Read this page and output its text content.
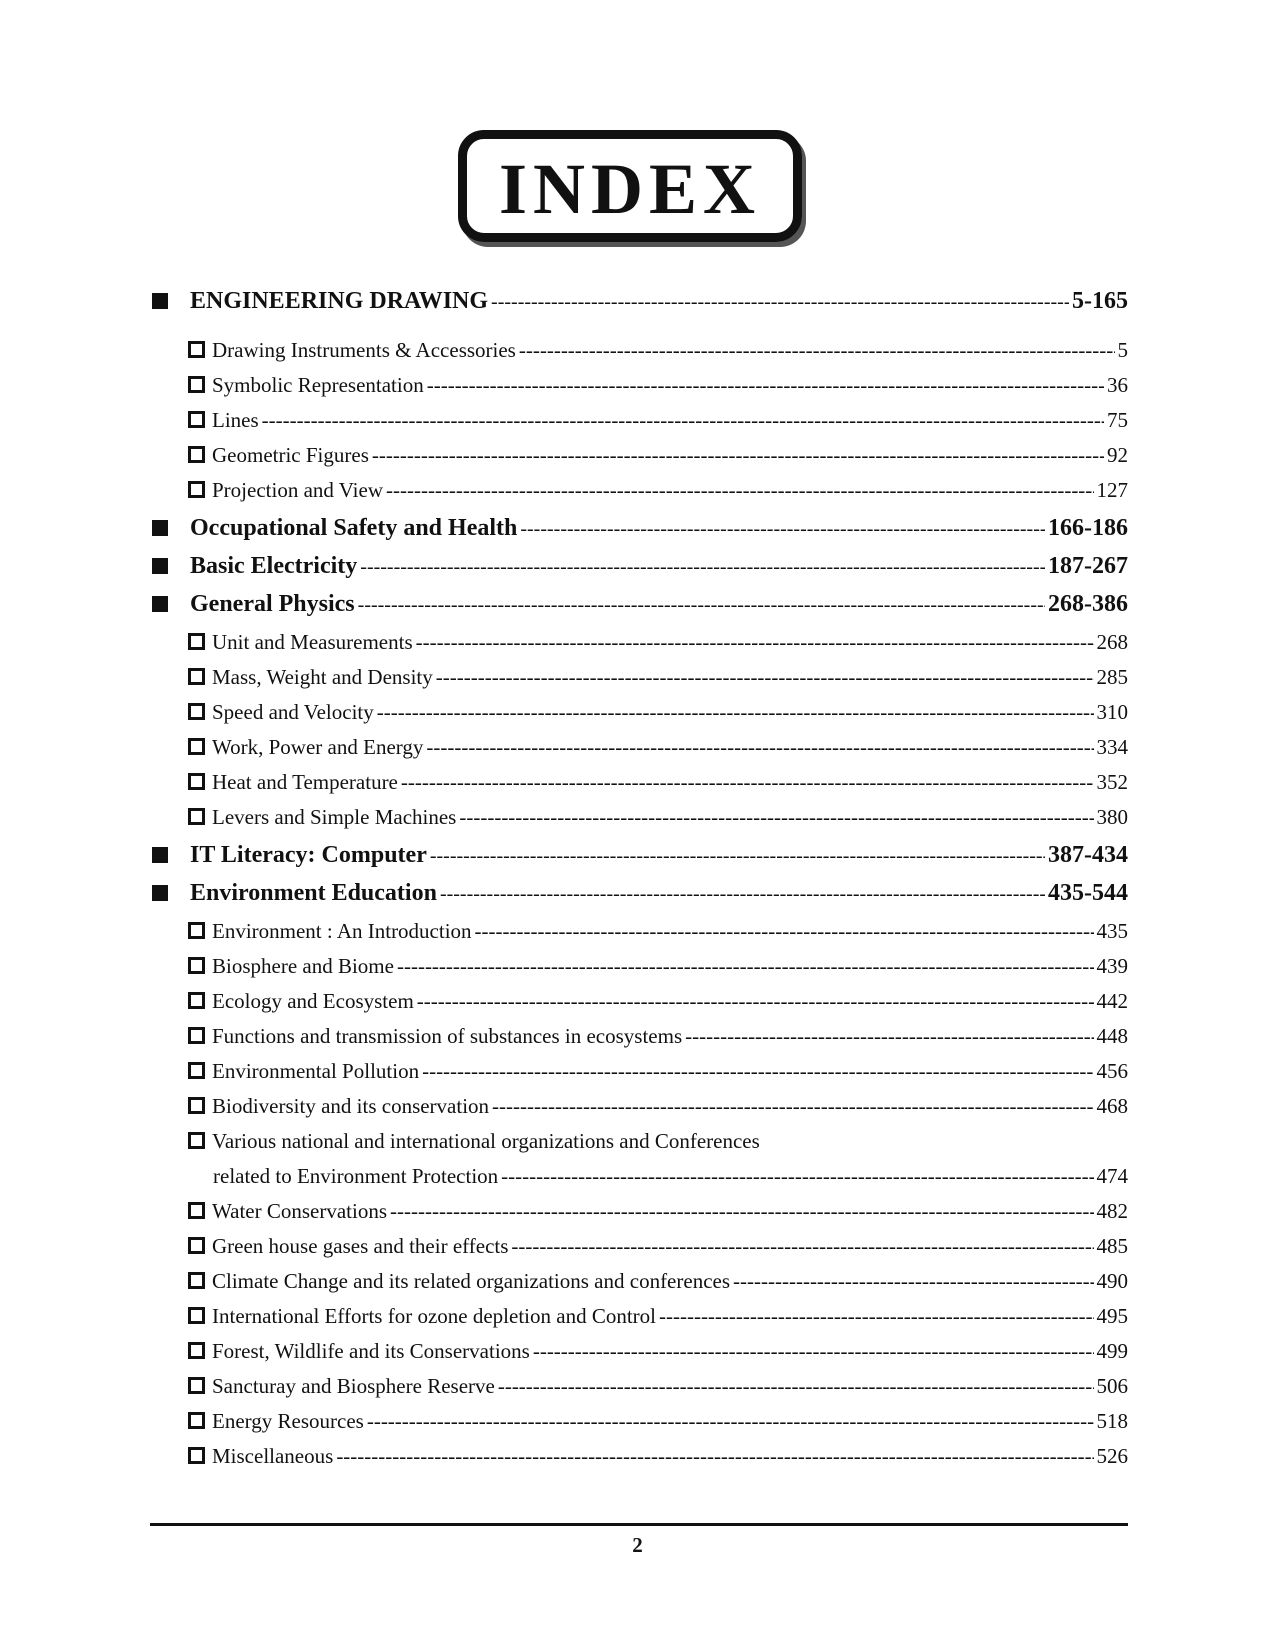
INDEX
ENGINEERING DRAWING -----	5-165
Drawing Instruments & Accessories -----	5
Symbolic Representation -----	36
Lines -----	75
Geometric Figures -----	92
Projection and View -----	127
Occupational Safety and Health -----	166-186
Basic Electricity -----	187-267
General Physics -----	268-386
Unit and Measurements -----	268
Mass, Weight and Density -----	285
Speed and Velocity -----	310
Work, Power and Energy -----	334
Heat and Temperature -----	352
Levers and Simple Machines -----	380
IT Literacy: Computer -----	387-434
Environment Education -----	435-544
Environment : An Introduction -----	435
Biosphere and Biome -----	439
Ecology and Ecosystem -----	442
Functions and transmission of substances in ecosystems -----	448
Environmental Pollution -----	456
Biodiversity and its conservation -----	468
Various national and international organizations and Conferences
related to Environment Protection -----	474
Water Conservations -----	482
Green house gases and their effects -----	485
Climate Change and its related organizations and conferences -----	490
International Efforts for ozone depletion and Control -----	495
Forest, Wildlife and its Conservations -----	499
Sancturay and Biosphere Reserve -----	506
Energy Resources -----	518
Miscellaneous -----	526
2
